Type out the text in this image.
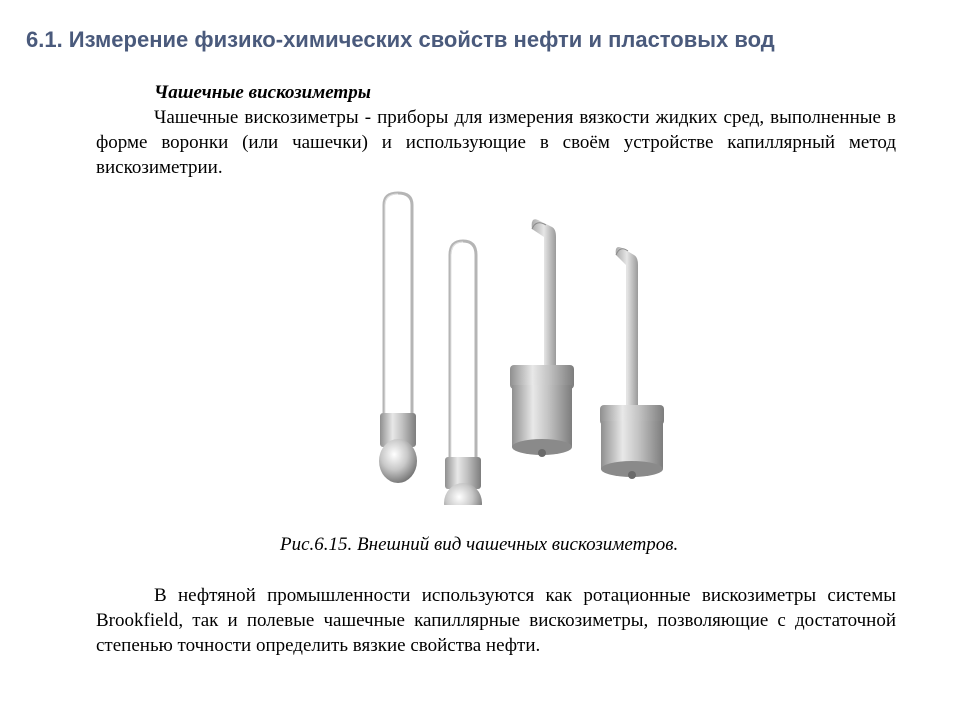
6.1. Измерение физико-химических свойств нефти и пластовых вод

Чашечные вискозиметры

Чашечные вискозиметры - приборы для измерения вязкости жидких сред, выполненные в форме воронки (или чашечки) и использующие в своём устройстве капиллярный метод вискозиметрии.

Рис.6.15. Внешний вид чашечных вискозиметров.

В нефтяной промышленности используются как ротационные вискозиметры системы Brookfield, так и полевые чашечные капиллярные вискозиметры, позволяющие с достаточной степенью точности определить вязкие свойства нефти.
